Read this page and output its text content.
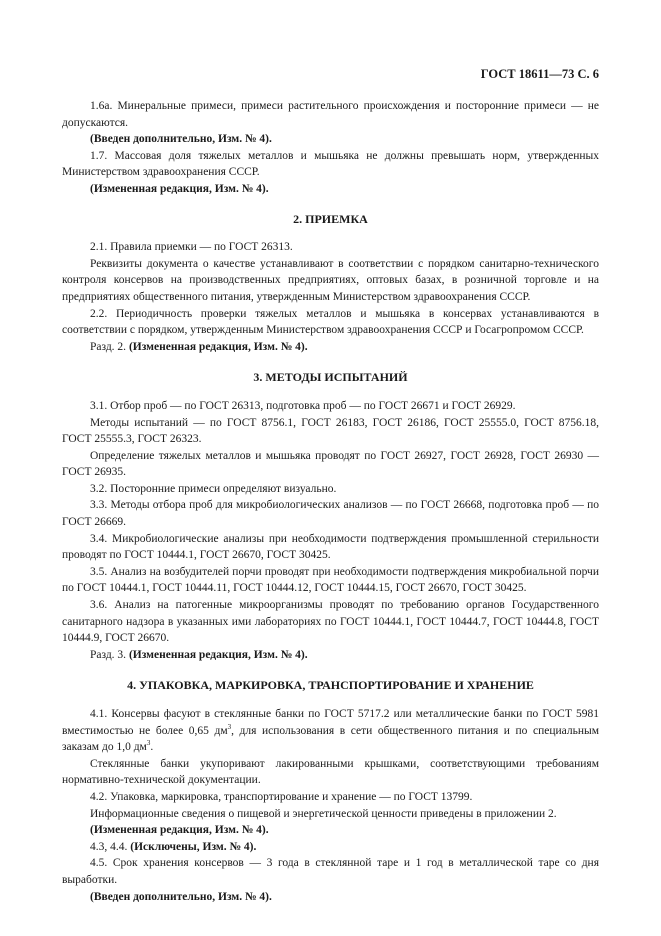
ГОСТ 18611—73 С. 6

1.6а. Минеральные примеси, примеси растительного происхождения и посторонние примеси — не допускаются.

(Введен дополнительно, Изм. № 4).

1.7. Массовая доля тяжелых металлов и мышьяка не должны превышать норм, утвержденных Министерством здравоохранения СССР.

(Измененная редакция, Изм. № 4).

2. ПРИЕМКА

2.1. Правила приемки — по ГОСТ 26313.

Реквизиты документа о качестве устанавливают в соответствии с порядком санитарно-технического контроля консервов на производственных предприятиях, оптовых базах, в розничной торговле и на предприятиях общественного питания, утвержденным Министерством здравоохранения СССР.

2.2. Периодичность проверки тяжелых металлов и мышьяка в консервах устанавливаются в соответствии с порядком, утвержденным Министерством здравоохранения СССР и Госагропромом СССР.

Разд. 2. (Измененная редакция, Изм. № 4).

3. МЕТОДЫ ИСПЫТАНИЙ

3.1. Отбор проб — по ГОСТ 26313, подготовка проб — по ГОСТ 26671 и ГОСТ 26929.

Методы испытаний — по ГОСТ 8756.1, ГОСТ 26183, ГОСТ 26186, ГОСТ 25555.0, ГОСТ 8756.18, ГОСТ 25555.3, ГОСТ 26323.

Определение тяжелых металлов и мышьяка проводят по ГОСТ 26927, ГОСТ 26928, ГОСТ 26930 — ГОСТ 26935.

3.2. Посторонние примеси определяют визуально.

3.3. Методы отбора проб для микробиологических анализов — по ГОСТ 26668, подготовка проб — по ГОСТ 26669.

3.4. Микробиологические анализы при необходимости подтверждения промышленной стерильности проводят по ГОСТ 10444.1, ГОСТ 26670, ГОСТ 30425.

3.5. Анализ на возбудителей порчи проводят при необходимости подтверждения микробиальной порчи по ГОСТ 10444.1, ГОСТ 10444.11, ГОСТ 10444.12, ГОСТ 10444.15, ГОСТ 26670, ГОСТ 30425.

3.6. Анализ на патогенные микроорганизмы проводят по требованию органов Государственного санитарного надзора в указанных ими лабораториях по ГОСТ 10444.1, ГОСТ 10444.7, ГОСТ 10444.8, ГОСТ 10444.9, ГОСТ 26670.

Разд. 3. (Измененная редакция, Изм. № 4).

4. УПАКОВКА, МАРКИРОВКА, ТРАНСПОРТИРОВАНИЕ И ХРАНЕНИЕ

4.1. Консервы фасуют в стеклянные банки по ГОСТ 5717.2 или металлические банки по ГОСТ 5981 вместимостью не более 0,65 $дм^3$, для использования в сети общественного питания и по специальным заказам до 1,0 $дм^3$.

Стеклянные банки укупоривают лакированными крышками, соответствующими требованиям нормативно-технической документации.

4.2. Упаковка, маркировка, транспортирование и хранение — по ГОСТ 13799.

Информационные сведения о пищевой и энергетической ценности приведены в приложении 2.

(Измененная редакция, Изм. № 4).

4.3, 4.4. (Исключены, Изм. № 4).

4.5. Срок хранения консервов — 3 года в стеклянной таре и 1 год в металлической таре со дня выработки.

(Введен дополнительно, Изм. № 4).
